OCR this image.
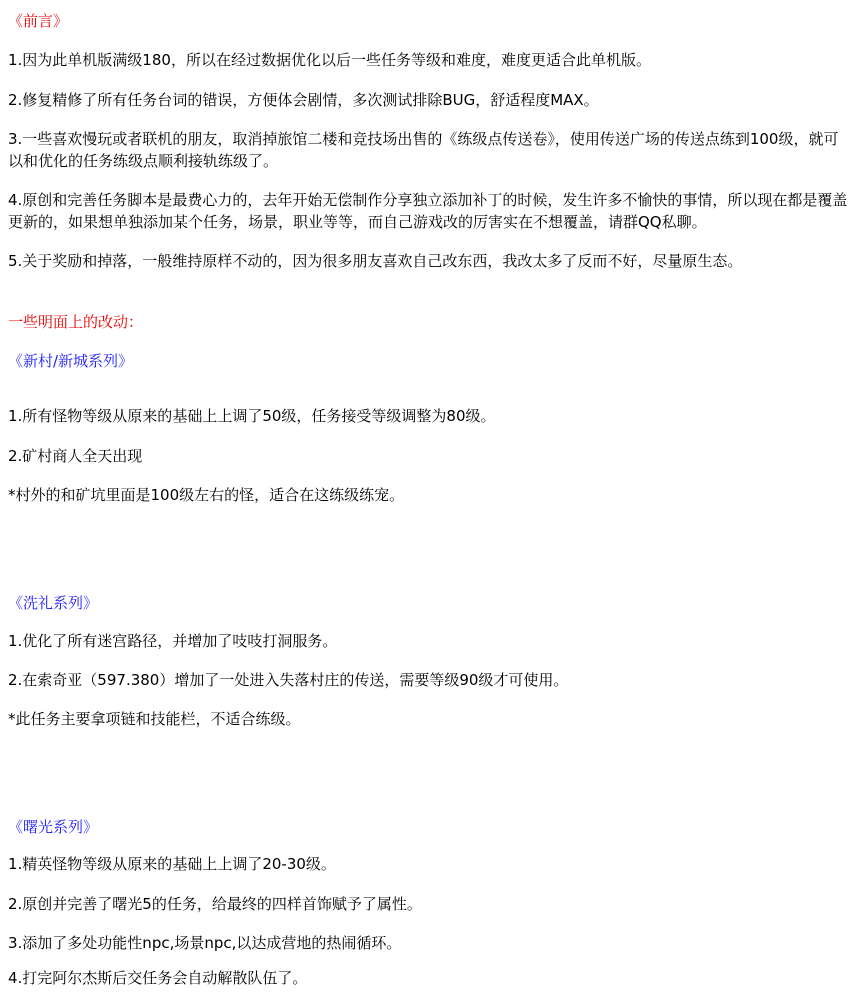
《前言》

1.因为此单机版满级180，所以在经过数据优化以后一些任务等级和难度，难度更适合此单机版。

2.修复精修了所有任务台词的错误，方便体会剧情，多次测试排除BUG，舒适程度MAX。

3.一些喜欢慢玩或者联机的朋友，取消掉旅馆二楼和竞技场出售的《练级点传送卷》，使用传送广场的传送点练到100级，就可以和优化的任务练级点顺利接轨练级了。

4.原创和完善任务脚本是最费心力的，去年开始无偿制作分享独立添加补丁的时候，发生许多不愉快的事情，所以现在都是覆盖更新的，如果想单独添加某个任务，场景，职业等等，而自己游戏改的厉害实在不想覆盖，请群QQ私聊。

5.关于奖励和掉落，一般维持原样不动的，因为很多朋友喜欢自己改东西，我改太多了反而不好，尽量原生态。

一些明面上的改动：

《新村/新城系列》

1.所有怪物等级从原来的基础上上调了50级，任务接受等级调整为80级。

2.矿村商人全天出现

*村外的和矿坑里面是100级左右的怪，适合在这练级练宠。

《洗礼系列》

1.优化了所有迷宫路径，并增加了吱吱打洞服务。

2.在索奇亚（597.380）增加了一处进入失落村庄的传送，需要等级90级才可使用。

*此任务主要拿项链和技能栏，不适合练级。

《曙光系列》

1.精英怪物等级从原来的基础上上调了20-30级。

2.原创并完善了曙光5的任务，给最终的四样首饰赋予了属性。

3.添加了多处功能性npc,场景npc,以达成营地的热闹循环。

4.打完阿尔杰斯后交任务会自动解散队伍了。
